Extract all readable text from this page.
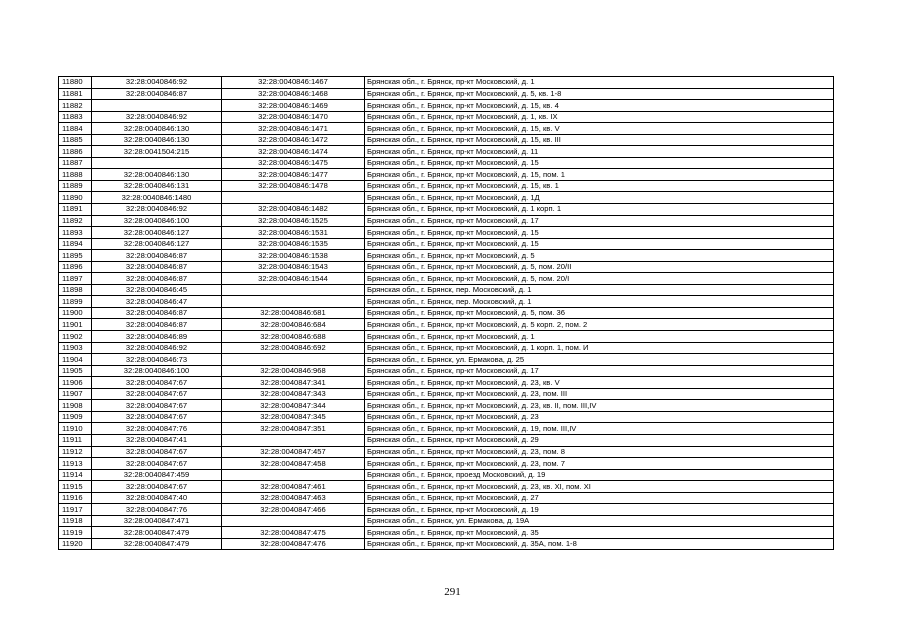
11880	32:28:0040846:92	32:28:0040846:1467	Брянская обл., г. Брянск, пр-кт Московский, д. 1
11881	32:28:0040846:87	32:28:0040846:1468	Брянская обл., г. Брянск, пр-кт Московский, д. 5, кв. 1-8
11882		32:28:0040846:1469	Брянская обл., г. Брянск, пр-кт Московский, д. 15, кв. 4
11883	32:28:0040846:92	32:28:0040846:1470	Брянская обл., г. Брянск, пр-кт Московский, д. 1, кв. IX
11884	32:28:0040846:130	32:28:0040846:1471	Брянская обл., г. Брянск, пр-кт Московский, д. 15, кв. V
11885	32:28:0040846:130	32:28:0040846:1472	Брянская обл., г. Брянск, пр-кт Московский, д. 15, кв. III
11886	32:28:0041504:215	32:28:0040846:1474	Брянская обл., г. Брянск, пр-кт Московский, д. 11
11887		32:28:0040846:1475	Брянская обл., г. Брянск, пр-кт Московский, д. 15
11888	32:28:0040846:130	32:28:0040846:1477	Брянская обл., г. Брянск, пр-кт Московский, д. 15, пом. 1
11889	32:28:0040846:131	32:28:0040846:1478	Брянская обл., г. Брянск, пр-кт Московский, д. 15, кв. 1
11890	32:28:0040846:1480		Брянская обл., г. Брянск, пр-кт Московский, д. 1Д
11891	32:28:0040846:92	32:28:0040846:1482	Брянская обл., г. Брянск, пр-кт Московский, д. 1 корп. 1
11892	32:28:0040846:100	32:28:0040846:1525	Брянская обл., г. Брянск, пр-кт Московский, д. 17
11893	32:28:0040846:127	32:28:0040846:1531	Брянская обл., г. Брянск, пр-кт Московский, д. 15
11894	32:28:0040846:127	32:28:0040846:1535	Брянская обл., г. Брянск, пр-кт Московский, д. 15
11895	32:28:0040846:87	32:28:0040846:1538	Брянская обл., г. Брянск, пр-кт Московский, д. 5
11896	32:28:0040846:87	32:28:0040846:1543	Брянская обл., г. Брянск, пр-кт Московский, д. 5, пом. 20/II
11897	32:28:0040846:87	32:28:0040846:1544	Брянская обл., г. Брянск, пр-кт Московский, д. 5, пом. 20/I
11898	32:28:0040846:45		Брянская обл., г. Брянск, пер. Московский, д. 1
11899	32:28:0040846:47		Брянская обл., г. Брянск, пер. Московский, д. 1
11900	32:28:0040846:87	32:28:0040846:681	Брянская обл., г. Брянск, пр-кт Московский, д. 5, пом. 36
11901	32:28:0040846:87	32:28:0040846:684	Брянская обл., г. Брянск, пр-кт Московский, д. 5 корп. 2, пом. 2
11902	32:28:0040846:89	32:28:0040846:688	Брянская обл., г. Брянск, пр-кт Московский, д. 1
11903	32:28:0040846:92	32:28:0040846:692	Брянская обл., г. Брянск, пр-кт Московский, д. 1 корп. 1, пом. И
11904	32:28:0040846:73		Брянская обл., г. Брянск, ул. Ермакова, д. 25
11905	32:28:0040846:100	32:28:0040846:968	Брянская обл., г. Брянск, пр-кт Московский, д. 17
11906	32:28:0040847:67	32:28:0040847:341	Брянская обл., г. Брянск, пр-кт Московский, д. 23, кв. V
11907	32:28:0040847:67	32:28:0040847:343	Брянская обл., г. Брянск, пр-кт Московский, д. 23, пом. III
11908	32:28:0040847:67	32:28:0040847:344	Брянская обл., г. Брянск, пр-кт Московский, д. 23, кв. II, пом. III,IV
11909	32:28:0040847:67	32:28:0040847:345	Брянская обл., г. Брянск, пр-кт Московский, д. 23
11910	32:28:0040847:76	32:28:0040847:351	Брянская обл., г. Брянск, пр-кт Московский, д. 19, пом. III,IV
11911	32:28:0040847:41		Брянская обл., г. Брянск, пр-кт Московский, д. 29
11912	32:28:0040847:67	32:28:0040847:457	Брянская обл., г. Брянск, пр-кт Московский, д. 23, пом. 8
11913	32:28:0040847:67	32:28:0040847:458	Брянская обл., г. Брянск, пр-кт Московский, д. 23, пом. 7
11914	32:28:0040847:459		Брянская обл., г. Брянск, проезд Московский, д. 19
11915	32:28:0040847:67	32:28:0040847:461	Брянская обл., г. Брянск, пр-кт Московский, д. 23, кв. XI, пом. XI
11916	32:28:0040847:40	32:28:0040847:463	Брянская обл., г. Брянск, пр-кт Московский, д. 27
11917	32:28:0040847:76	32:28:0040847:466	Брянская обл., г. Брянск, пр-кт Московский, д. 19
11918	32:28:0040847:471		Брянская обл., г. Брянск, ул. Ермакова, д. 19А
11919	32:28:0040847:479	32:28:0040847:475	Брянская обл., г. Брянск, пр-кт Московский, д. 35
11920	32:28:0040847:479	32:28:0040847:476	Брянская обл., г. Брянск, пр-кт Московский, д. 35А, пом. 1-8
291
